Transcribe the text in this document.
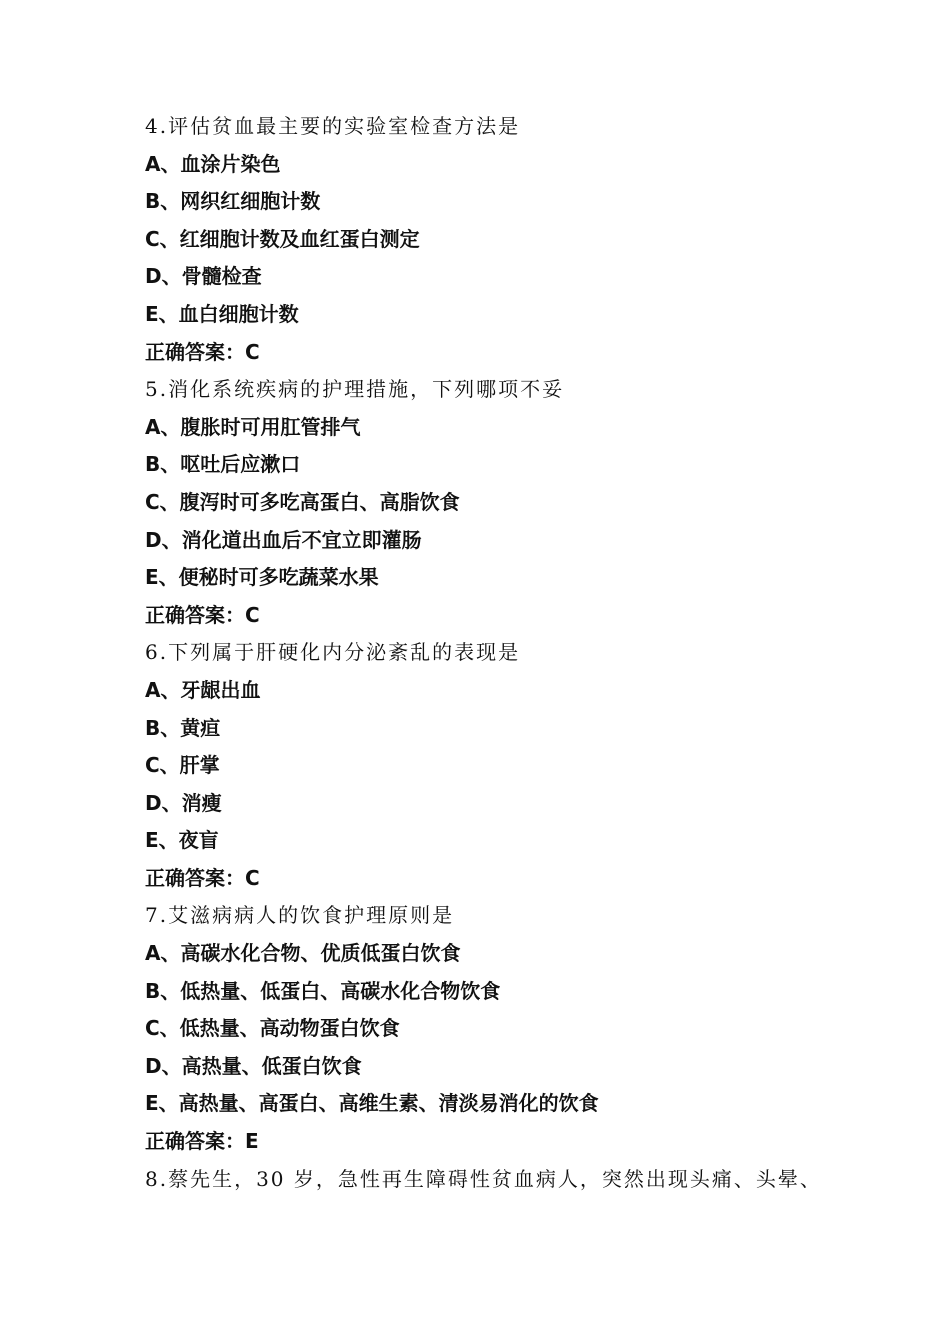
4.评估贫血最主要的实验室检查方法是
A、血涂片染色
B、网织红细胞计数
C、红细胞计数及血红蛋白测定
D、骨髓检查
E、血白细胞计数
正确答案：C
5.消化系统疾病的护理措施，下列哪项不妥
A、腹胀时可用肛管排气
B、呕吐后应漱口
C、腹泻时可多吃高蛋白、高脂饮食
D、消化道出血后不宜立即灌肠
E、便秘时可多吃蔬菜水果
正确答案：C
6.下列属于肝硬化内分泌紊乱的表现是
A、牙龈出血
B、黄疸
C、肝掌
D、消瘦
E、夜盲
正确答案：C
7.艾滋病病人的饮食护理原则是
A、高碳水化合物、优质低蛋白饮食
B、低热量、低蛋白、高碳水化合物饮食
C、低热量、高动物蛋白饮食
D、高热量、低蛋白饮食
E、高热量、高蛋白、高维生素、清淡易消化的饮食
正确答案：E
8.蔡先生，30 岁，急性再生障碍性贫血病人，突然出现头痛、头晕、
